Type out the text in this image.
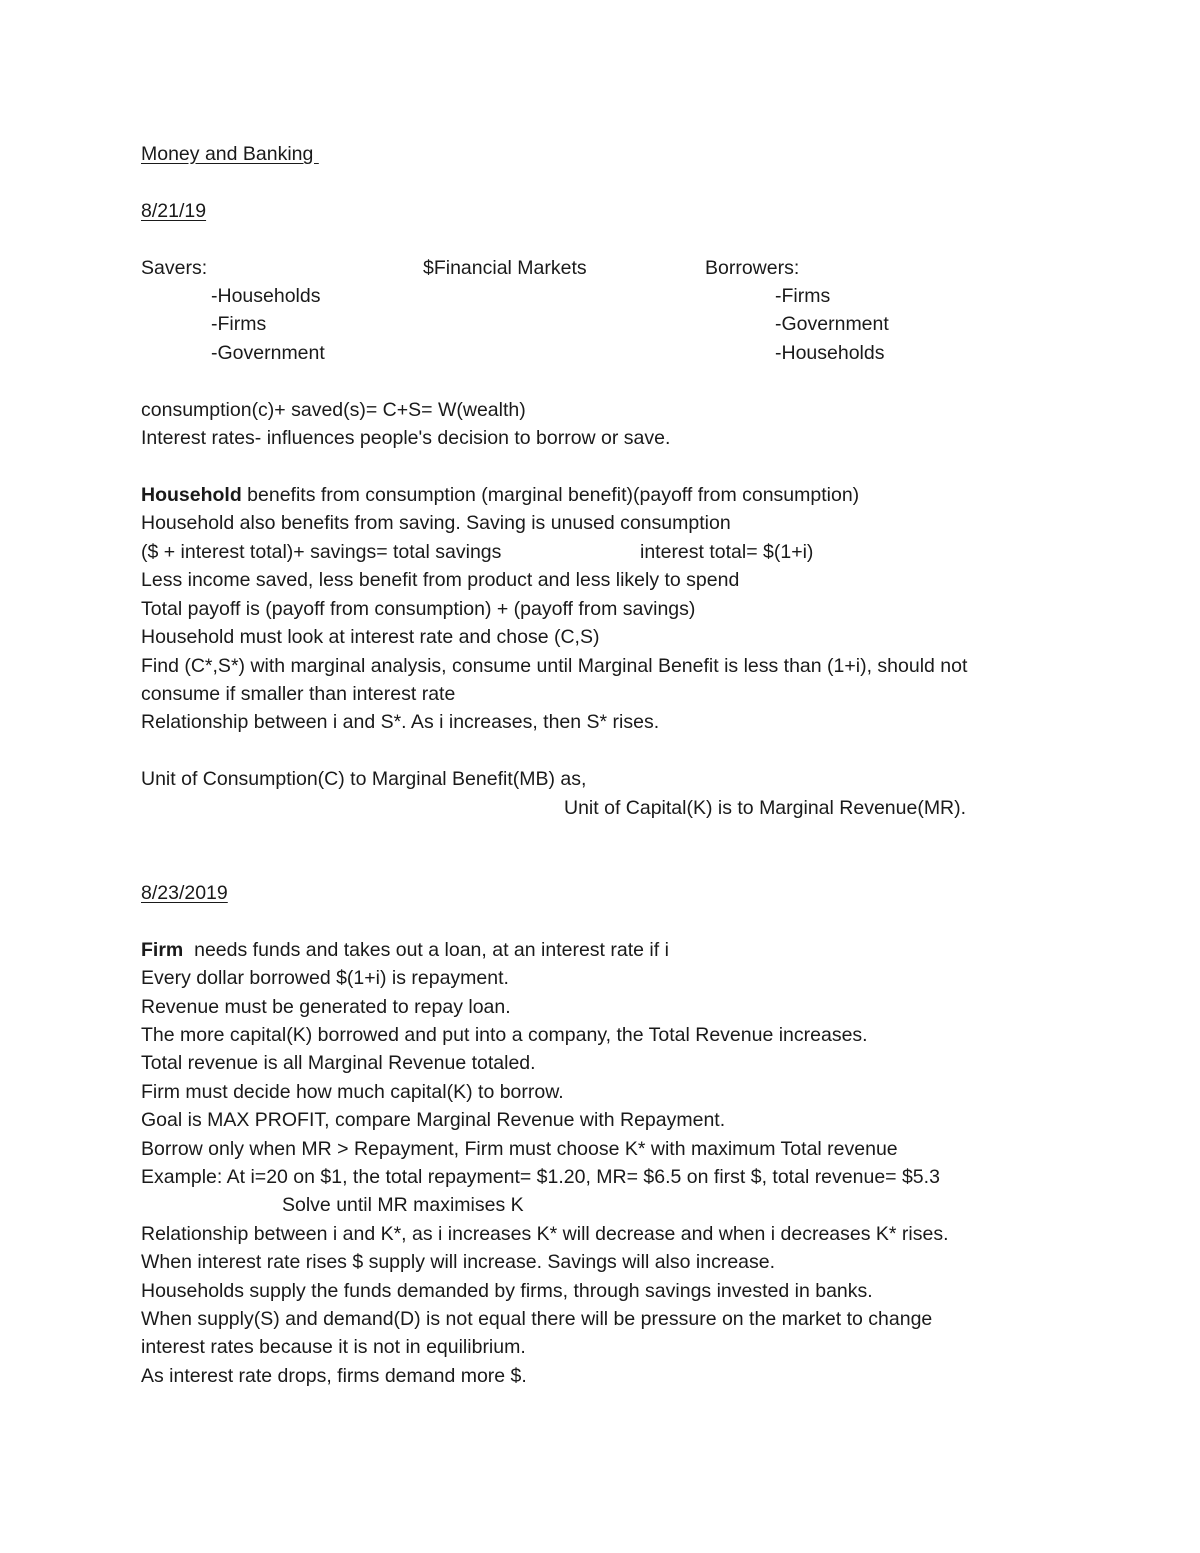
Money and Banking
8/21/19
Savers:	$Financial Markets	Borrowers:
-Households
-Firms
-Government
-Firms
-Government
-Households
consumption(c)+ saved(s)= C+S= W(wealth)
Interest rates- influences people's decision to borrow or save.
Household benefits from consumption (marginal benefit)(payoff from consumption)
Household also benefits from saving. Saving is unused consumption
($ + interest total)+ savings= total savings	interest total= $(1+i)
Less income saved, less benefit from product and less likely to spend
Total payoff is (payoff from consumption) + (payoff from savings)
Household must look at interest rate and chose (C,S)
Find (C*,S*) with marginal analysis, consume until Marginal Benefit is less than (1+i), should not
consume if smaller than interest rate
Relationship between i and S*. As i increases, then S* rises.
Unit of Consumption(C) to Marginal Benefit(MB) as,
Unit of Capital(K) is to Marginal Revenue(MR).
8/23/2019
Firm  needs funds and takes out a loan, at an interest rate if i
Every dollar borrowed $(1+i) is repayment.
Revenue must be generated to repay loan.
The more capital(K) borrowed and put into a company, the Total Revenue increases.
Total revenue is all Marginal Revenue totaled.
Firm must decide how much capital(K) to borrow.
Goal is MAX PROFIT, compare Marginal Revenue with Repayment.
Borrow only when MR > Repayment, Firm must choose K* with maximum Total revenue
Example: At i=20 on $1, the total repayment= $1.20, MR= $6.5 on first $, total revenue= $5.3
Solve until MR maximises K
Relationship between i and K*, as i increases K* will decrease and when i decreases K* rises.
When interest rate rises $ supply will increase. Savings will also increase.
Households supply the funds demanded by firms, through savings invested in banks.
When supply(S) and demand(D) is not equal there will be pressure on the market to change
interest rates because it is not in equilibrium.
As interest rate drops, firms demand more $.
